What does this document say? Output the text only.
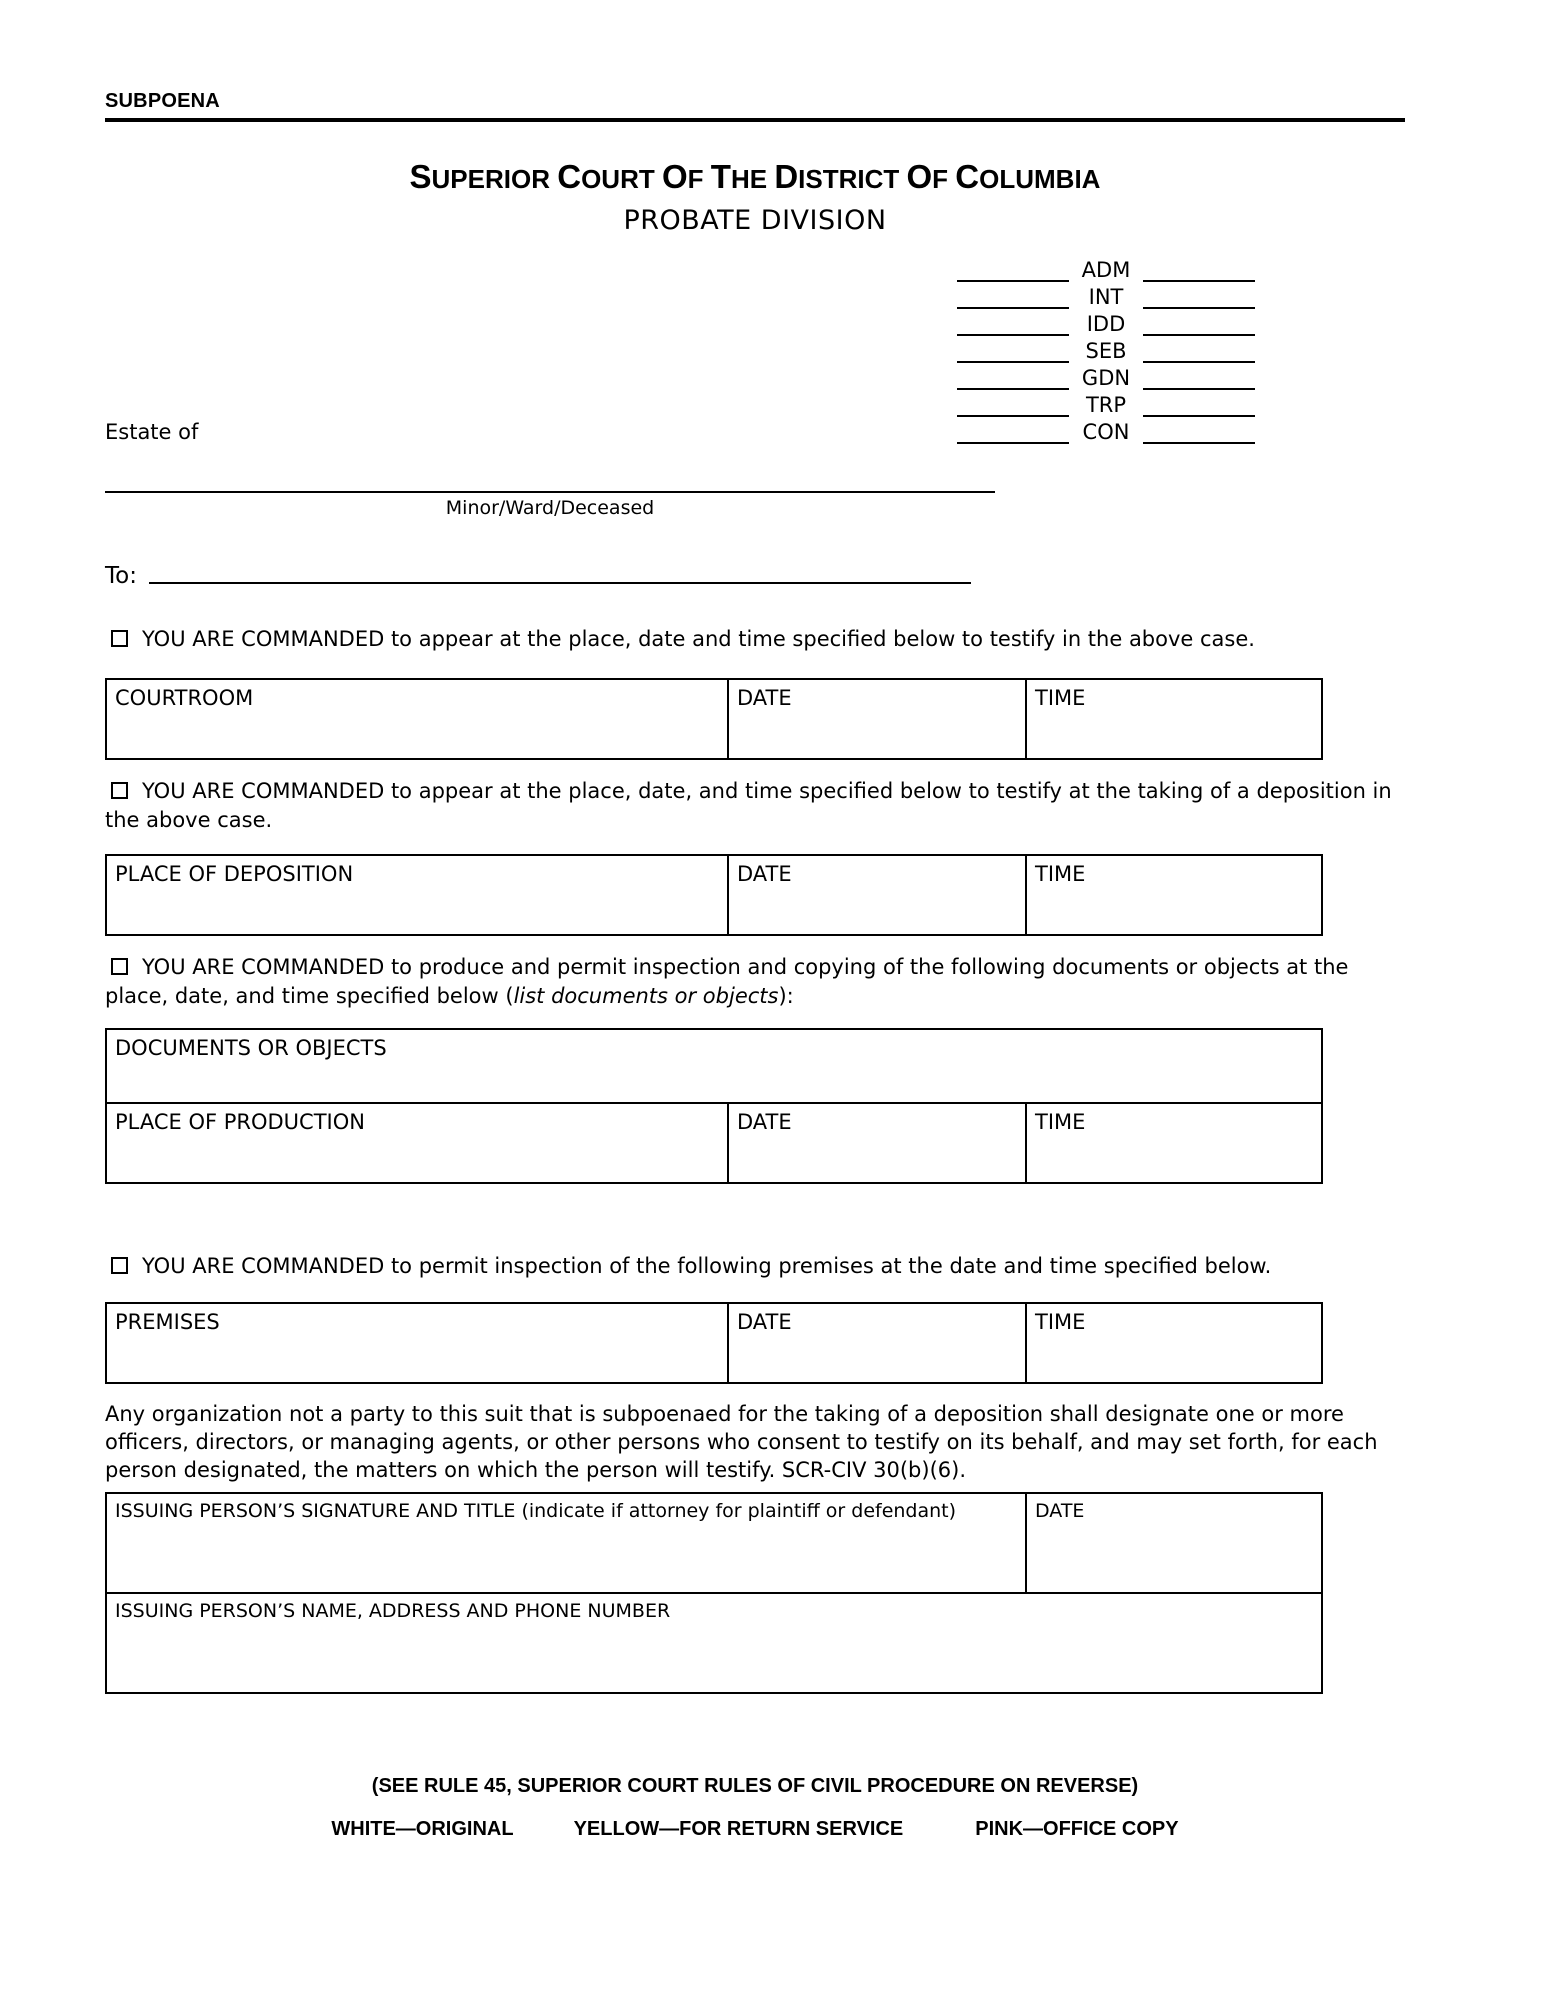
SUBPOENA
SUPERIOR COURT OF THE DISTRICT OF COLUMBIA
PROBATE DIVISION
ADM
INT
IDD
SEB
GDN
TRP
CON
Estate of
Minor/Ward/Deceased
To:
YOU ARE COMMANDED to appear at the place, date and time specified below to testify in the above case.
COURTROOM	DATE	TIME
YOU ARE COMMANDED to appear at the place, date, and time specified below to testify at the taking of a deposition in the above case.
PLACE OF DEPOSITION	DATE	TIME
YOU ARE COMMANDED to produce and permit inspection and copying of the following documents or objects at the place, date, and time specified below (list documents or objects):
DOCUMENTS OR OBJECTS
PLACE OF PRODUCTION	DATE	TIME
YOU ARE COMMANDED to permit inspection of the following premises at the date and time specified below.
PREMISES	DATE	TIME
Any organization not a party to this suit that is subpoenaed for the taking of a deposition shall designate one or more officers, directors, or managing agents, or other persons who consent to testify on its behalf, and may set forth, for each person designated, the matters on which the person will testify. SCR-CIV 30(b)(6).
ISSUING PERSON’S SIGNATURE AND TITLE (indicate if attorney for plaintiff or defendant)	DATE
ISSUING PERSON’S NAME, ADDRESS AND PHONE NUMBER
(SEE RULE 45, SUPERIOR COURT RULES OF CIVIL PROCEDURE ON REVERSE)
WHITE—ORIGINAL	YELLOW—FOR RETURN SERVICE	PINK—OFFICE COPY
